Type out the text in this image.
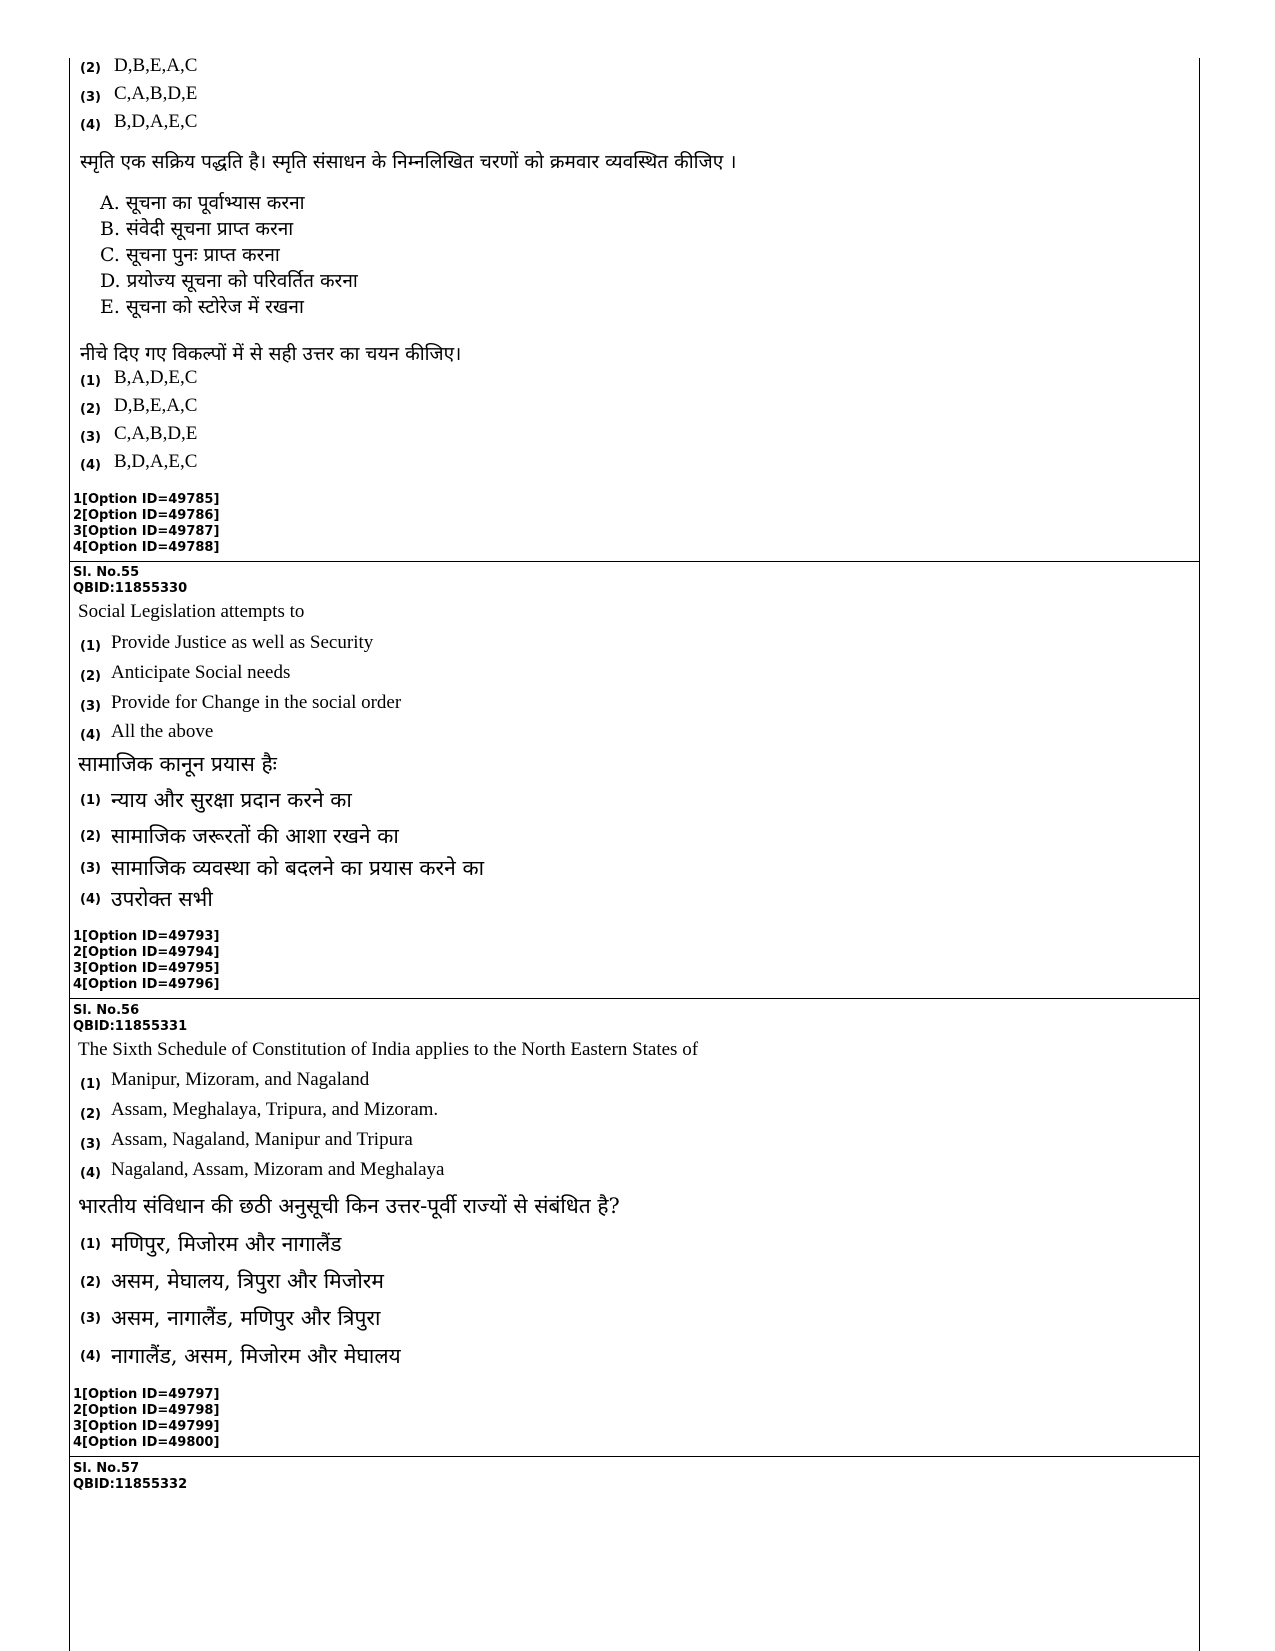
(2) D,B,E,A,C
(3) C,A,B,D,E
(4) B,D,A,E,C
स्मृति एक सक्रिय पद्धति है। स्मृति संसाधन के निम्नलिखित चरणों को क्रमवार व्यवस्थित कीजिए ।
A. सूचना का पूर्वाभ्यास करना
B. संवेदी सूचना प्राप्त करना
C. सूचना पुनः प्राप्त करना
D. प्रयोज्य सूचना को परिवर्तित करना
E. सूचना को स्टोरेज में रखना
नीचे दिए गए विकल्पों में से सही उत्तर का चयन कीजिए।
(1) B,A,D,E,C
(2) D,B,E,A,C
(3) C,A,B,D,E
(4) B,D,A,E,C
1[Option ID=49785]
2[Option ID=49786]
3[Option ID=49787]
4[Option ID=49788]
Sl. No.55
QBID:11855330
Social Legislation attempts to
(1) Provide Justice as well as Security
(2) Anticipate Social needs
(3) Provide for Change in the social order
(4) All the above
सामाजिक कानून प्रयास हैः
(1) न्याय और सुरक्षा प्रदान करने का
(2) सामाजिक जरूरतों की आशा रखने का
(3) सामाजिक व्यवस्था को बदलने का प्रयास करने का
(4) उपरोक्त सभी
1[Option ID=49793]
2[Option ID=49794]
3[Option ID=49795]
4[Option ID=49796]
Sl. No.56
QBID:11855331
The Sixth Schedule of Constitution of India applies to the North Eastern States of
(1) Manipur, Mizoram, and Nagaland
(2) Assam, Meghalaya, Tripura, and Mizoram.
(3) Assam, Nagaland, Manipur and Tripura
(4) Nagaland, Assam, Mizoram and Meghalaya
भारतीय संविधान की छठी अनुसूची किन उत्तर-पूर्वी राज्यों से संबंधित है?
(1) मणिपुर, मिजोरम और नागालैंड
(2) असम, मेघालय, त्रिपुरा और मिजोरम
(3) असम, नागालैंड, मणिपुर और त्रिपुरा
(4) नागालैंड, असम, मिजोरम और मेघालय
1[Option ID=49797]
2[Option ID=49798]
3[Option ID=49799]
4[Option ID=49800]
Sl. No.57
QBID:11855332
